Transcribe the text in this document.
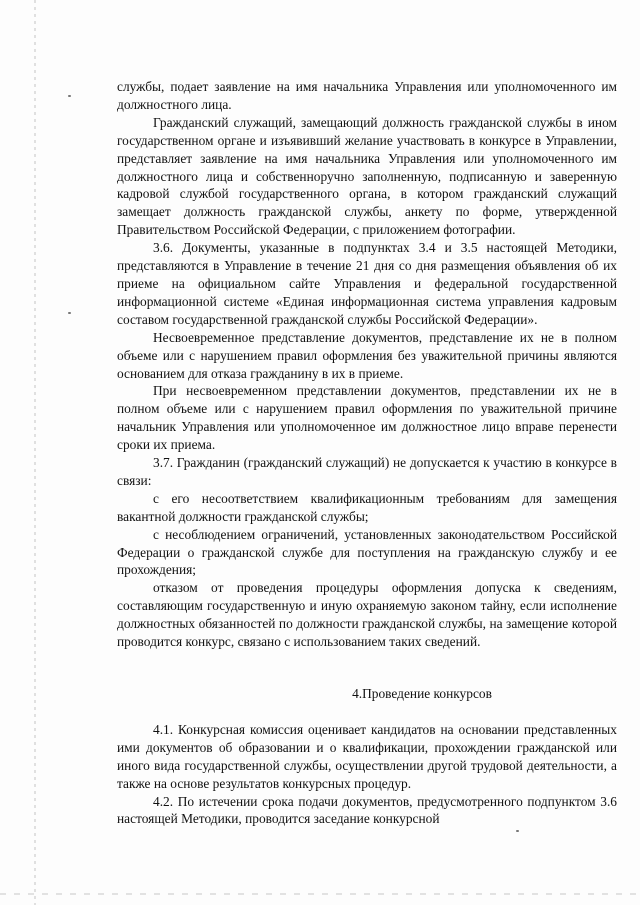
службы, подает заявление на имя начальника Управления или уполномоченного им должностного лица.

Гражданский служащий, замещающий должность гражданской службы в ином государственном органе и изъявивший желание участвовать в конкурсе в Управлении, представляет заявление на имя начальника Управления или уполномоченного им должностного лица и собственноручно заполненную, подписанную и заверенную кадровой службой государственного органа, в котором гражданский служащий замещает должность гражданской службы, анкету по форме, утвержденной Правительством Российской Федерации, с приложением фотографии.

3.6. Документы, указанные в подпунктах 3.4 и 3.5 настоящей Методики, представляются в Управление в течение 21 дня со дня размещения объявления об их приеме на официальном сайте Управления и федеральной государственной информационной системе «Единая информационная система управления кадровым составом государственной гражданской службы Российской Федерации».

Несвоевременное представление документов, представление их не в полном объеме или с нарушением правил оформления без уважительной причины являются основанием для отказа гражданину в их в приеме.

При несвоевременном представлении документов, представлении их не в полном объеме или с нарушением правил оформления по уважительной причине начальник Управления или уполномоченное им должностное лицо вправе перенести сроки их приема.

3.7. Гражданин (гражданский служащий) не допускается к участию в конкурсе в связи:

с его несоответствием квалификационным требованиям для замещения вакантной должности гражданской службы;

с несоблюдением ограничений, установленных законодательством Российской Федерации о гражданской службе для поступления на гражданскую службу и ее прохождения;

отказом от проведения процедуры оформления допуска к сведениям, составляющим государственную и иную охраняемую законом тайну, если исполнение должностных обязанностей по должности гражданской службы, на замещение которой проводится конкурс, связано с использованием таких сведений.

4.Проведение конкурсов

4.1. Конкурсная комиссия оценивает кандидатов на основании представленных ими документов об образовании и о квалификации, прохождении гражданской или иного вида государственной службы, осуществлении другой трудовой деятельности, а также на основе результатов конкурсных процедур.

4.2. По истечении срока подачи документов, предусмотренного подпунктом 3.6 настоящей Методики, проводится заседание конкурсной
